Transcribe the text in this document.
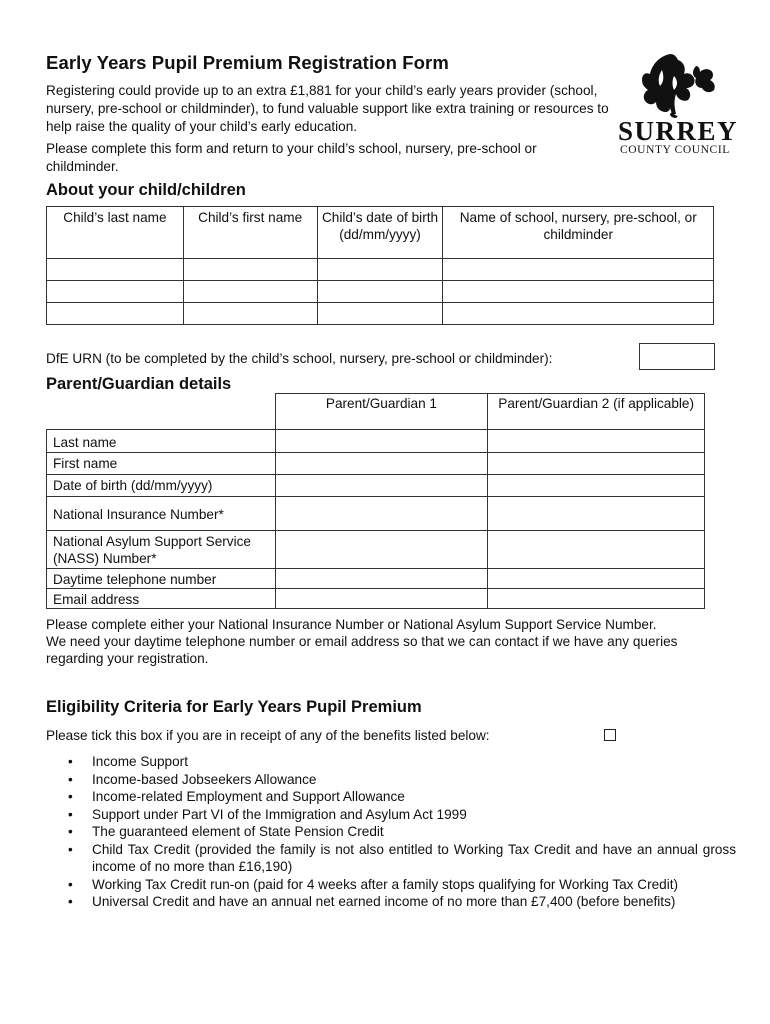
Early Years Pupil Premium Registration Form

Registering could provide up to an extra £1,881 for your child’s early years provider (school, nursery, pre-school or childminder), to fund valuable support like extra training or resources to help raise the quality of your child’s early education.

Please complete this form and return to your child’s school, nursery, pre-school or childminder.

SURREY
COUNTY COUNCIL
About your child/children
Child’s last name	Child’s first name	Child’s date of birth (dd/mm/yyyy)	Name of school, nursery, pre-school, or childminder

DfE URN (to be completed by the child’s school, nursery, pre-school or childminder):
Parent/Guardian details
	Parent/Guardian 1	Parent/Guardian 2 (if applicable)
Last name		
First name		
Date of birth (dd/mm/yyyy)		
National Insurance Number*		
National Asylum Support Service (NASS) Number*		
Daytime telephone number		
Email address		
Please complete either your National Insurance Number or National Asylum Support Service Number.
We need your daytime telephone number or email address so that we can contact if we have any queries regarding your registration.
Eligibility Criteria for Early Years Pupil Premium
Please tick this box if you are in receipt of any of the benefits listed below:
• Income Support
• Income-based Jobseekers Allowance
• Income-related Employment and Support Allowance
• Support under Part VI of the Immigration and Asylum Act 1999
• The guaranteed element of State Pension Credit
• Child Tax Credit (provided the family is not also entitled to Working Tax Credit and have an annual gross income of no more than £16,190)
• Working Tax Credit run-on (paid for 4 weeks after a family stops qualifying for Working Tax Credit)
• Universal Credit and have an annual net earned income of no more than £7,400 (before benefits)
